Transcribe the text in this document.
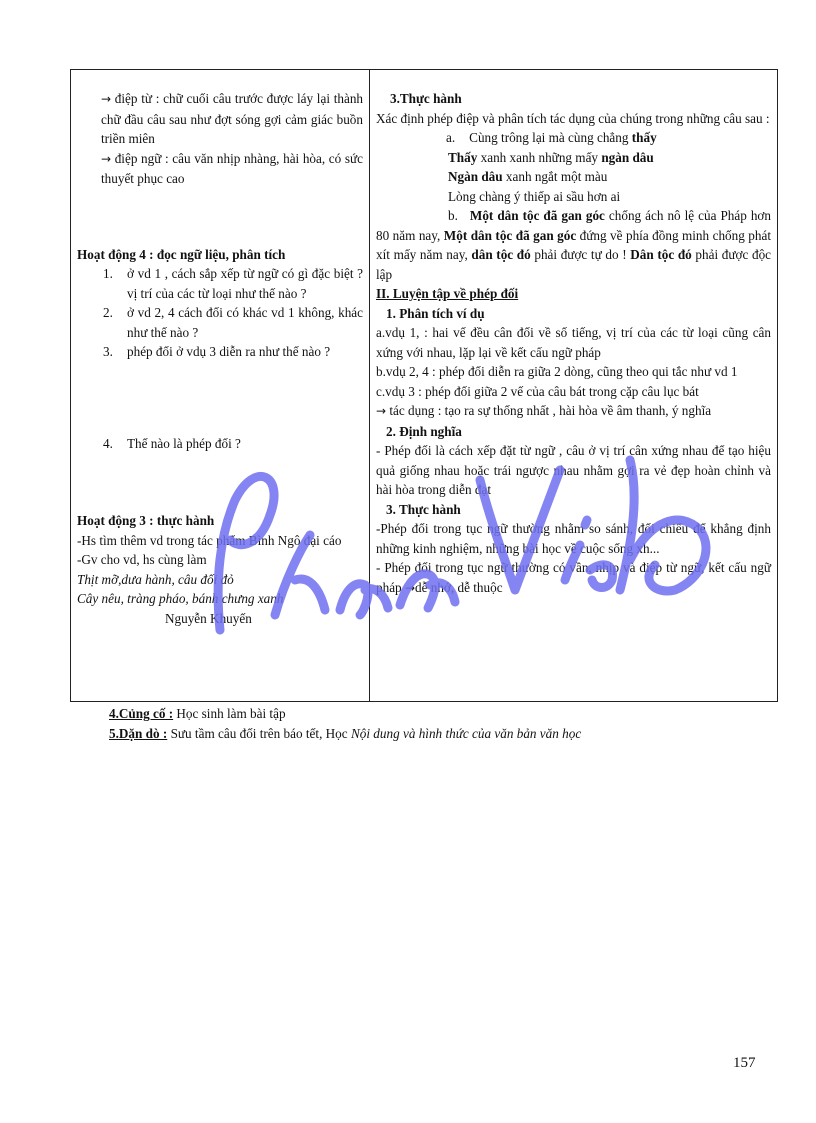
→ điệp từ : chữ cuối câu trước được láy lại thành chữ đầu câu sau như đợt sóng gợi cảm giác buồn triền miên

→ điệp ngữ : câu văn nhịp nhàng, hài hòa, có sức thuyết phục cao

Hoạt động 4 : đọc ngữ liệu, phân tích

1. ở vd 1 , cách sắp xếp từ ngữ có gì đặc biệt ? vị trí của các từ loại như thế nào ?
2. ở vd 2, 4 cách đối có khác vd 1 không, khác như thế nào ?
3. phép đối ở vdụ 3 diễn ra như thế nào ?
4. Thế nào là phép đối ?

Hoạt động 3 : thực hành

-Hs tìm thêm vd trong tác phẩm Bình Ngô đại cáo

-Gv cho vd, hs cùng làm

Thịt mỡ,dưa hành, câu đối đỏ

Cây nêu, tràng pháo, bánh chưng xanh

Nguyễn Khuyến

3.Thực hành

Xác định phép điệp và phân tích tác dụng của chúng trong những câu sau :

a. Cùng trông lại mà cùng chẳng thấy

Thấy xanh xanh những mấy ngàn dâu

Ngàn dâu xanh ngắt một màu

Lòng chàng ý thiếp ai sầu hơn ai

b. Một dân tộc đã gan góc chống ách nô lệ của Pháp hơn 80 năm nay, Một dân tộc đã gan góc đứng về phía đồng minh chống phát xít mấy năm nay, dân tộc đó phải được tự do ! Dân tộc đó phải được độc lập

II. Luyện tập về phép đối

1. Phân tích ví dụ

a.vdụ 1, : hai vế đều cân đối về số tiếng, vị trí của các từ loại cũng cân xứng với nhau, lặp lại về kết cấu ngữ pháp

b.vdụ 2, 4 : phép đối diễn ra giữa 2 dòng, cũng theo qui tắc như vd 1

c.vdụ 3 : phép đối giữa 2 vế của câu bát trong cặp câu lục bát

→ tác dụng : tạo ra sự thống nhất , hài hòa về âm thanh, ý nghĩa

2. Định nghĩa

- Phép đối là cách xếp đặt từ ngữ , câu ở vị trí cân xứng nhau để tạo hiệu quả giống nhau hoặc trái ngược nhau nhằm gợi ra vẻ đẹp hoàn chỉnh và hài hòa trong diễn đạt

3. Thực hành

-Phép đối trong tục ngữ thường nhằm so sánh, đối chiếu để khẳng định những kinh nghiệm, những bài học về cuộc sống xh...

- Phép đối trong tục ngữ thường có vần, nhịp và điệp từ ngữ, kết cấu ngữ pháp →dễ nhớ, dễ thuộc

4.Củng cố : Học sinh làm bài tập

5.Dặn dò : Sưu tầm câu đối trên báo tết, Học Nội dung và hình thức của văn bản văn học

157
